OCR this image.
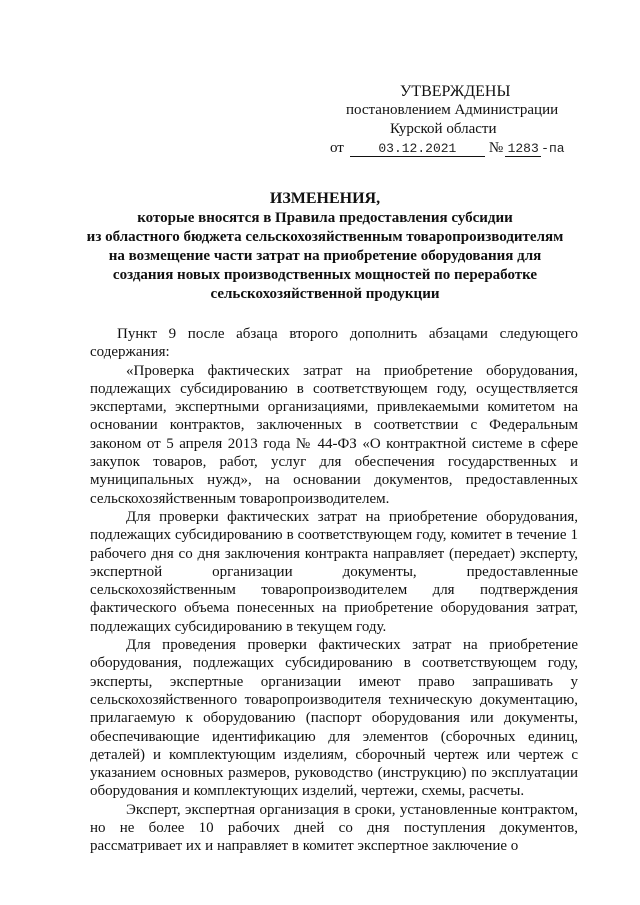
УТВЕРЖДЕНЫ
постановлением Администрации
Курской области
от	03.12.2021	№ 1283 -па
ИЗМЕНЕНИЯ,
которые вносятся в Правила предоставления субсидии
из областного бюджета сельскохозяйственным товаропроизводителям
на возмещение части затрат на приобретение оборудования для
создания новых производственных мощностей по переработке
сельскохозяйственной продукции

Пункт 9 после абзаца второго дополнить абзацами следующего содержания:

«Проверка фактических затрат на приобретение оборудования, подлежащих субсидированию в соответствующем году, осуществляется экспертами, экспертными организациями, привлекаемыми комитетом на основании контрактов, заключенных в соответствии с Федеральным законом от 5 апреля 2013 года № 44-ФЗ «О контрактной системе в сфере закупок товаров, работ, услуг для обеспечения государственных и муниципальных нужд», на основании документов, предоставленных сельскохозяйственным товаропроизводителем.

Для проверки фактических затрат на приобретение оборудования, подлежащих субсидированию в соответствующем году, комитет в течение 1 рабочего дня со дня заключения контракта направляет (передает) эксперту, экспертной организации документы, предоставленные сельскохозяйственным товаропроизводителем для подтверждения фактического объема понесенных на приобретение оборудования затрат, подлежащих субсидированию в текущем году.

Для проведения проверки фактических затрат на приобретение оборудования, подлежащих субсидированию в соответствующем году, эксперты, экспертные организации имеют право запрашивать у сельскохозяйственного товаропроизводителя техническую документацию, прилагаемую к оборудованию (паспорт оборудования или документы, обеспечивающие идентификацию для элементов (сборочных единиц, деталей) и комплектующим изделиям, сборочный чертеж или чертеж с указанием основных размеров, руководство (инструкцию) по эксплуатации оборудования и комплектующих изделий, чертежи, схемы, расчеты.

Эксперт, экспертная организация в сроки, установленные контрактом, но не более 10 рабочих дней со дня поступления документов, рассматривает их и направляет в комитет экспертное заключение о
